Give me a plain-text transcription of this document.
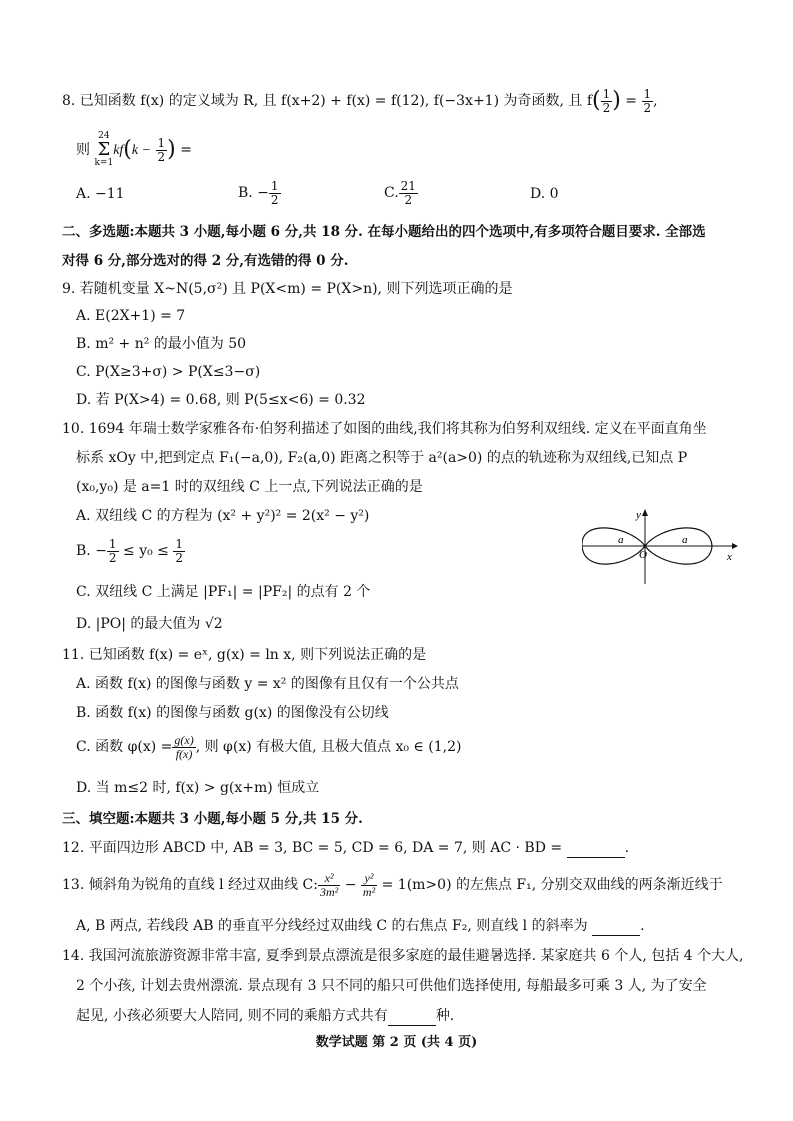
8. 已知函数 f(x) 的定义域为 R, 且 f(x+2) + f(x) = f(12), f(−3x+1) 为奇函数, 且 $f( \frac{1}{2}$ ) = $\frac{1}{2}$ ,
则
24
Σ
k=1
$kf(k - \frac{1}{2}$ ) =
A. −11	B. − $\frac{1}{2}$	C. $\frac{21}{2}$	D. 0
二、多选题:本题共 3 小题,每小题 6 分,共 18 分. 在每小题给出的四个选项中,有多项符合题目要求. 全部选
对得 6 分,部分选对的得 2 分,有选错的得 0 分.
9. 若随机变量 X~N(5,σ²) 且 P(X<m) = P(X>n), 则下列选项正确的是
A. E(2X+1) = 7
B. m² + n² 的最小值为 50
C. P(X≥3+σ) > P(X≤3−σ)
D. 若 P(X>4) = 0.68, 则 P(5≤x<6) = 0.32
10. 1694 年瑞士数学家雅各布·伯努利描述了如图的曲线,我们将其称为伯努利双纽线. 定义在平面直角坐
标系 xOy 中,把到定点 F₁(−a,0), F₂(a,0) 距离之积等于 a²(a>0) 的点的轨迹称为双纽线,已知点 P
(x₀,y₀) 是 a=1 时的双纽线 C 上一点,下列说法正确的是
A. 双纽线 C 的方程为 (x² + y²)² = 2(x² − y²)
B. − $\frac{1}{2} \le y_0 \le \frac{1}{2}$
C. 双纽线 C 上满足 |PF₁| = |PF₂| 的点有 2 个
D. |PO| 的最大值为 √2
y
x
O
a	a
11. 已知函数 f(x) = eˣ, g(x) = ln x, 则下列说法正确的是
A. 函数 f(x) 的图像与函数 y = x² 的图像有且仅有一个公共点
B. 函数 f(x) 的图像与函数 g(x) 的图像没有公切线
C. 函数 $\varphi(x) = \frac{g(x)}{f(x)}$ , 则 φ(x) 有极大值, 且极大值点 x₀ ∈ (1,2)
D. 当 m≤2 时, f(x) > g(x+m) 恒成立
三、填空题:本题共 3 小题,每小题 5 分,共 15 分.
12. 平面四边形 ABCD 中, AB = 3, BC = 5, CD = 6, DA = 7, 则 AC · BD =	.
13. 倾斜角为锐角的直线 l 经过双曲线 C: $\frac{\text{x²}}{\text{3m²}} - \frac{\text{y²}}{\text{m²}} = 1(m>0)$ 的左焦点 F₁, 分别交双曲线的两条渐近线于
A, B 两点, 若线段 AB 的垂直平分线经过双曲线 C 的右焦点 F₂, 则直线 l 的斜率为	.
14. 我国河流旅游资源非常丰富, 夏季到景点漂流是很多家庭的最佳避暑选择. 某家庭共 6 个人, 包括 4 个大人,
2 个小孩, 计划去贵州漂流. 景点现有 3 只不同的船只可供他们选择使用, 每船最多可乘 3 人, 为了安全
起见, 小孩必须要大人陪同, 则不同的乘船方式共有	种.
数学试题 第 2 页 (共 4 页)
